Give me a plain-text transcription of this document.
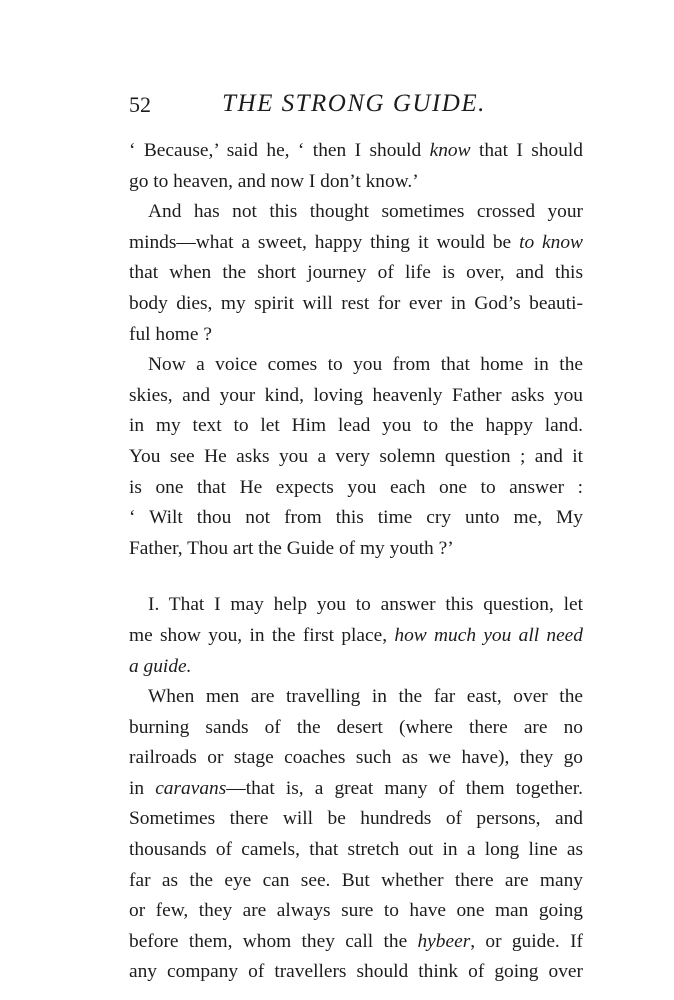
52	THE STRONG GUIDE.
‘ Because,’ said he, ‘ then I should know that I should
go to heaven, and now I don’t know.’
And has not this thought sometimes crossed your
minds—what a sweet, happy thing it would be to know
that when the short journey of life is over, and this
body dies, my spirit will rest for ever in God’s beauti-
ful home ?
Now a voice comes to you from that home in the
skies, and your kind, loving heavenly Father asks you
in my text to let Him lead you to the happy land.
You see He asks you a very solemn question ; and it
is one that He expects you each one to answer :
‘ Wilt thou not from this time cry unto me, My
Father, Thou art the Guide of my youth ?’
I. That I may help you to answer this question, let
me show you, in the first place, how much you all need
a guide.
When men are travelling in the far east, over the
burning sands of the desert (where there are no
railroads or stage coaches such as we have), they go
in caravans—that is, a great many of them together.
Sometimes there will be hundreds of persons, and
thousands of camels, that stretch out in a long line as
far as the eye can see. But whether there are many
or few, they are always sure to have one man going
before them, whom they call the hybeer, or guide. If
any company of travellers should think of going over
